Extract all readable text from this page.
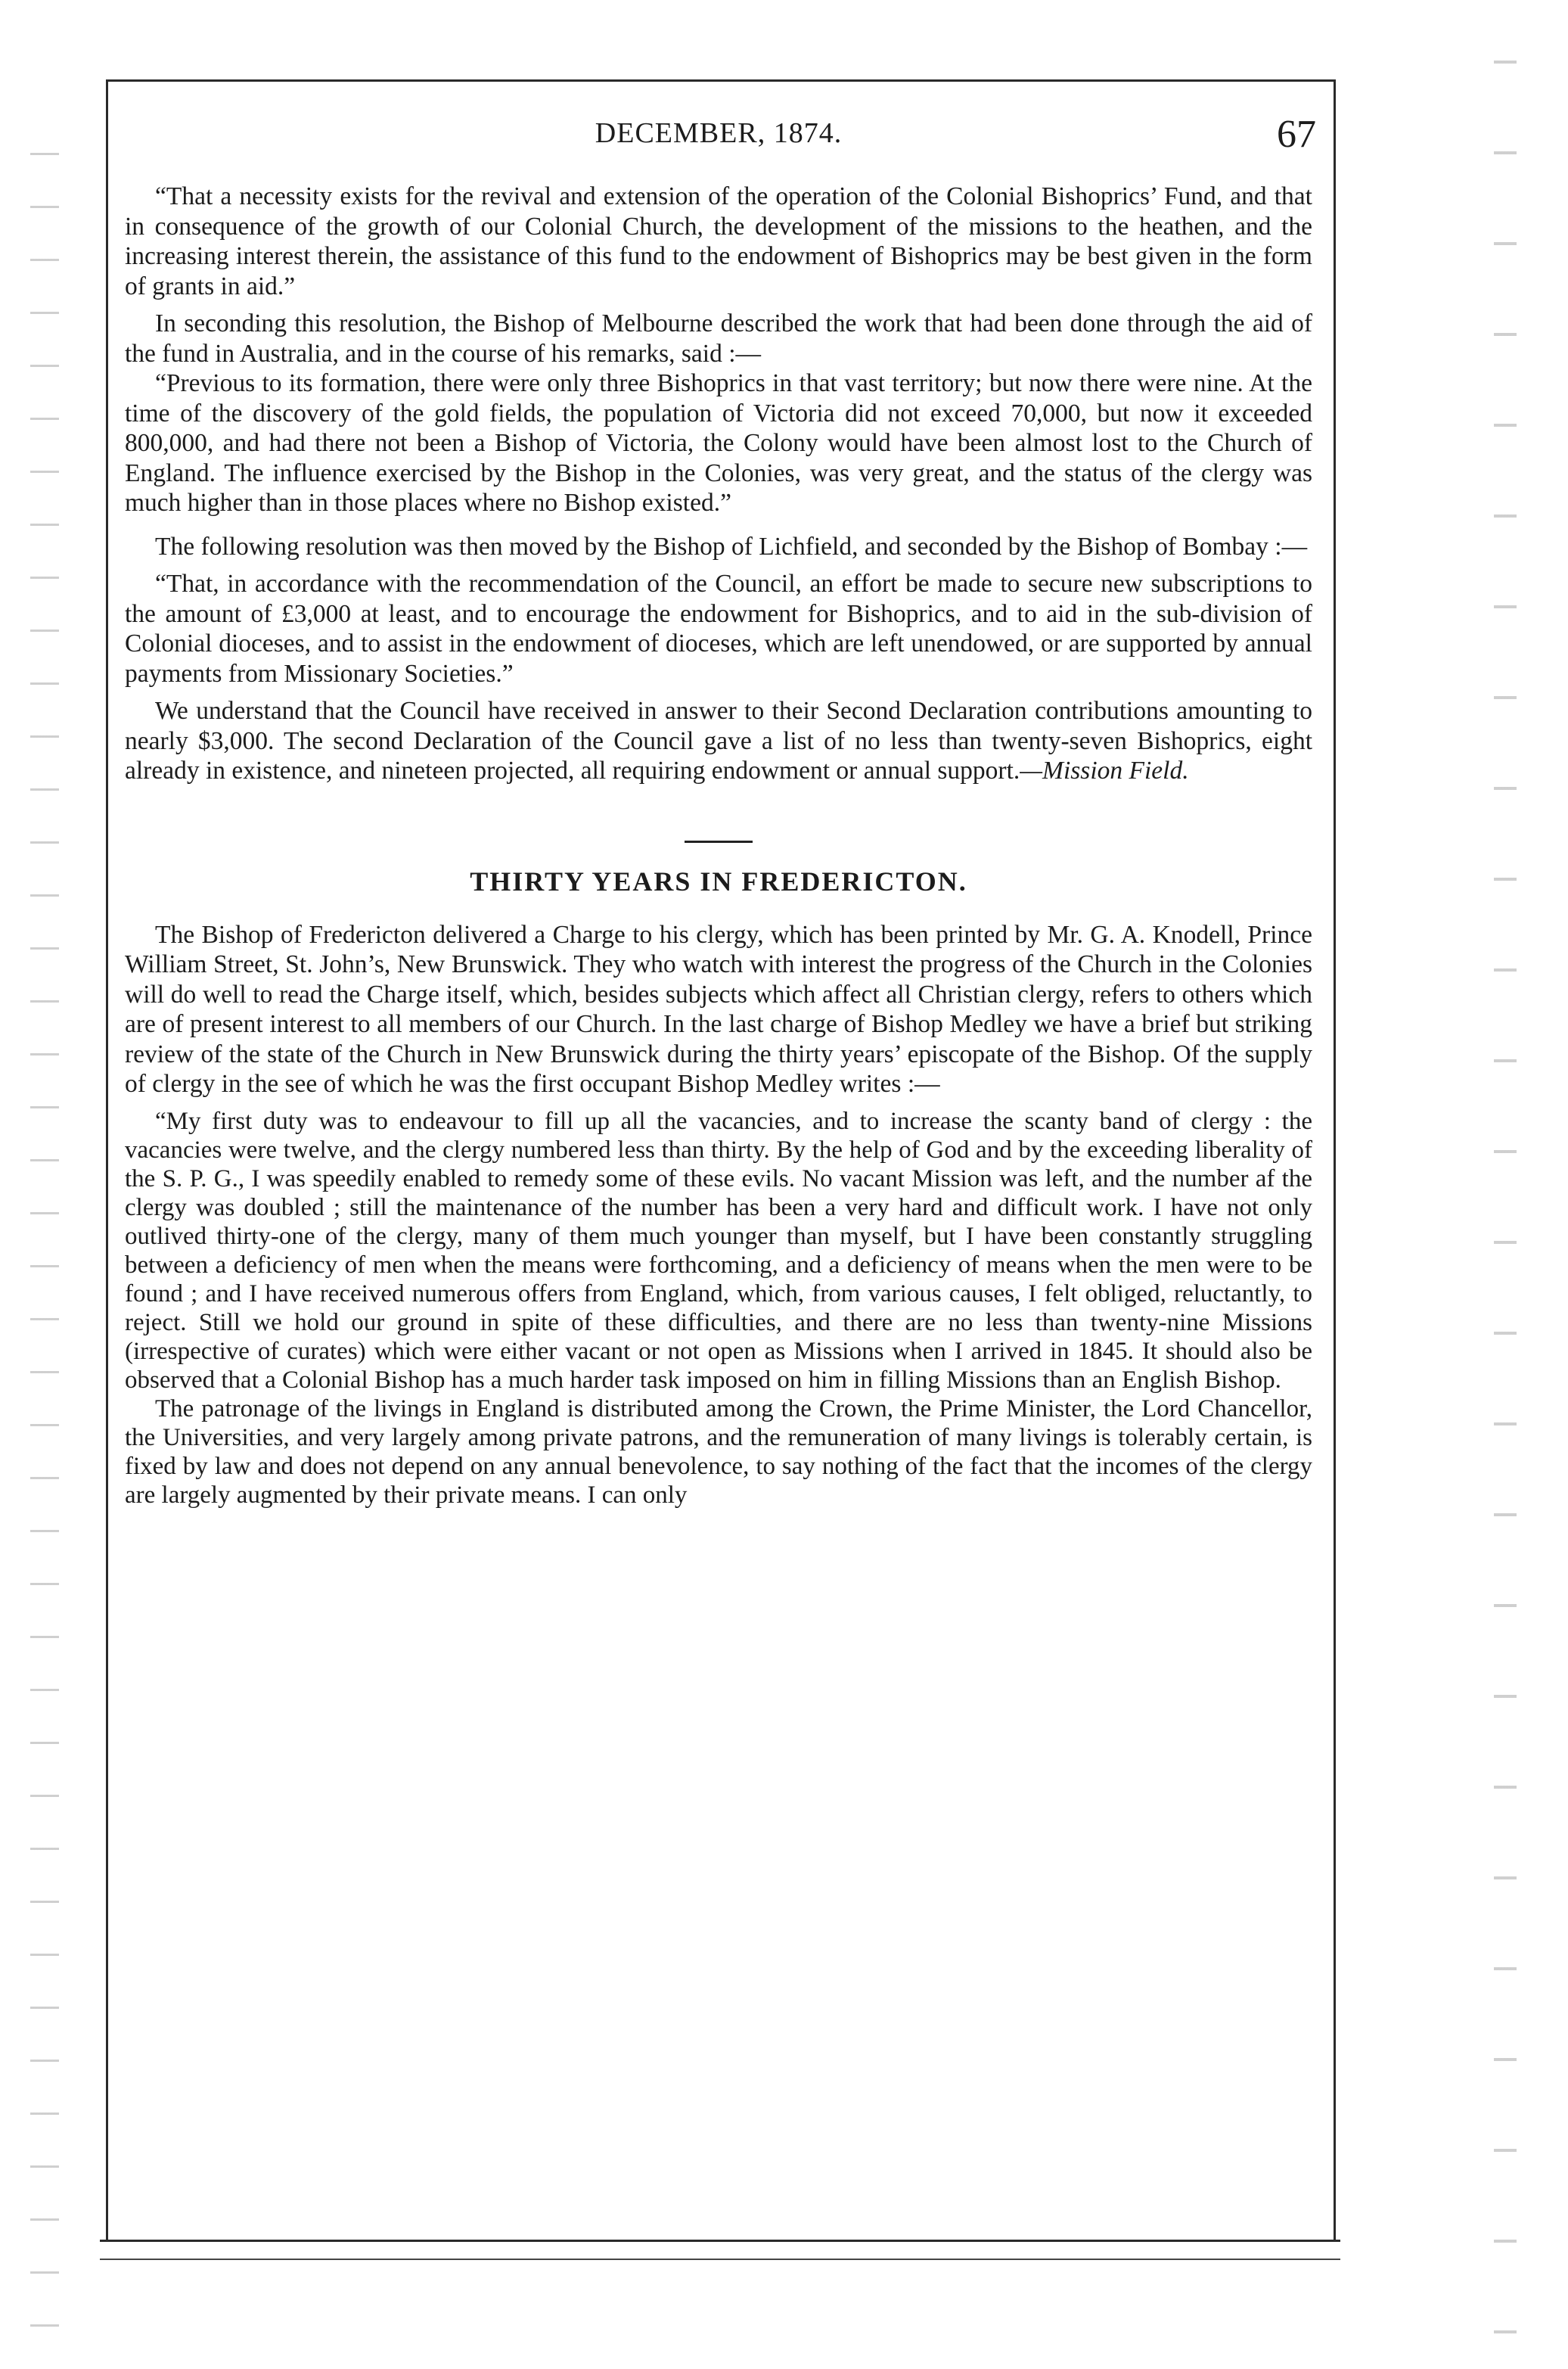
DECEMBER, 1874.	67

“That a necessity exists for the revival and extension of the operation of the Colonial Bishoprics’ Fund, and that in consequence of the growth of our Colonial Church, the development of the missions to the heathen, and the increasing interest therein, the assistance of this fund to the endowment of Bishoprics may be best given in the form of grants in aid.”

In seconding this resolution, the Bishop of Melbourne described the work that had been done through the aid of the fund in Australia, and in the course of his remarks, said :—

“Previous to its formation, there were only three Bishoprics in that vast territory; but now there were nine. At the time of the discovery of the gold fields, the population of Victoria did not exceed 70,000, but now it exceeded 800,000, and had there not been a Bishop of Victoria, the Colony would have been almost lost to the Church of England. The influence exercised by the Bishop in the Colonies, was very great, and the status of the clergy was much higher than in those places where no Bishop existed.”

The following resolution was then moved by the Bishop of Lichfield, and seconded by the Bishop of Bombay :—

“That, in accordance with the recommendation of the Council, an effort be made to secure new subscriptions to the amount of £3,000 at least, and to encourage the endowment for Bishoprics, and to aid in the sub-division of Colonial dioceses, and to assist in the endowment of dioceses, which are left unendowed, or are supported by annual payments from Missionary Societies.”

We understand that the Council have received in answer to their Second Declaration contributions amounting to nearly $3,000. The second Declaration of the Council gave a list of no less than twenty-seven Bishoprics, eight already in existence, and nineteen projected, all requiring endowment or annual support.—Mission Field.

THIRTY YEARS IN FREDERICTON.

The Bishop of Fredericton delivered a Charge to his clergy, which has been printed by Mr. G. A. Knodell, Prince William Street, St. John’s, New Brunswick. They who watch with interest the progress of the Church in the Colonies will do well to read the Charge itself, which, besides subjects which affect all Christian clergy, refers to others which are of present interest to all members of our Church. In the last charge of Bishop Medley we have a brief but striking review of the state of the Church in New Brunswick during the thirty years’ episcopate of the Bishop. Of the supply of clergy in the see of which he was the first occupant Bishop Medley writes :—

“My first duty was to endeavour to fill up all the vacancies, and to increase the scanty band of clergy : the vacancies were twelve, and the clergy numbered less than thirty. By the help of God and by the exceeding liberality of the S. P. G., I was speedily enabled to remedy some of these evils. No vacant Mission was left, and the number af the clergy was doubled ; still the maintenance of the number has been a very hard and difficult work. I have not only outlived thirty-one of the clergy, many of them much younger than myself, but I have been constantly struggling between a deficiency of men when the means were forthcoming, and a deficiency of means when the men were to be found ; and I have received numerous offers from England, which, from various causes, I felt obliged, reluctantly, to reject. Still we hold our ground in spite of these difficulties, and there are no less than twenty-nine Missions (irrespective of curates) which were either vacant or not open as Missions when I arrived in 1845. It should also be observed that a Colonial Bishop has a much harder task imposed on him in filling Missions than an English Bishop.

The patronage of the livings in England is distributed among the Crown, the Prime Minister, the Lord Chancellor, the Universities, and very largely among private patrons, and the remuneration of many livings is tolerably certain, is fixed by law and does not depend on any annual benevolence, to say nothing of the fact that the incomes of the clergy are largely augmented by their private means. I can only
